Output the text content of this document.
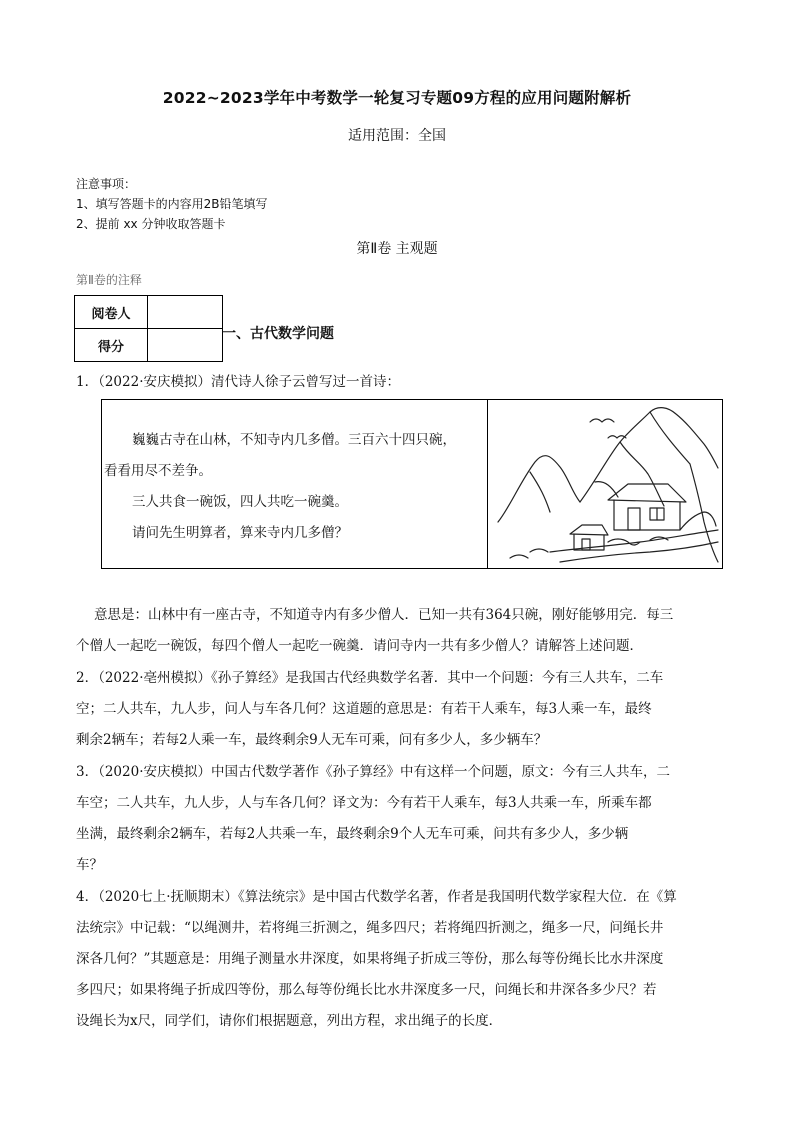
2022~2023学年中考数学一轮复习专题09方程的应用问题附解析
适用范围：全国
注意事项：
1、填写答题卡的内容用2B铅笔填写
2、提前 xx 分钟收取答题卡
第Ⅱ卷 主观题
第Ⅱ卷的注释
阅卷人	
得分	
一、古代数学问题
1．（2022·安庆模拟）清代诗人徐子云曾写过一首诗：
巍巍古寺在山林，不知寺内几多僧。三百六十四只碗，
看看用尽不差争。
三人共食一碗饭，四人共吃一碗羹。
请问先生明算者，算来寺内几多僧？
意思是：山林中有一座古寺，不知道寺内有多少僧人．已知一共有364只碗，刚好能够用完．每三
个僧人一起吃一碗饭，每四个僧人一起吃一碗羹．请问寺内一共有多少僧人？请解答上述问题．
2．（2022·亳州模拟）《孙子算经》是我国古代经典数学名著．其中一个问题：今有三人共车，二车
空；二人共车，九人步，问人与车各几何？这道题的意思是：有若干人乘车，每3人乘一车，最终
剩余2辆车；若每2人乘一车，最终剩余9人无车可乘，问有多少人，多少辆车？
3．（2020·安庆模拟）中国古代数学著作《孙子算经》中有这样一个问题，原文：今有三人共车，二
车空；二人共车，九人步，人与车各几何？译文为：今有若干人乘车，每3人共乘一车，所乘车都
坐满，最终剩余2辆车，若每2人共乘一车，最终剩余9个人无车可乘，问共有多少人，多少辆
车？
4．（2020七上·抚顺期末）《算法统宗》是中国古代数学名著，作者是我国明代数学家程大位．在《算
法统宗》中记载：“以绳测井，若将绳三折测之，绳多四尺；若将绳四折测之，绳多一尺，问绳长井
深各几何？”其题意是：用绳子测量水井深度，如果将绳子折成三等份，那么每等份绳长比水井深度
多四尺；如果将绳子折成四等份，那么每等份绳长比水井深度多一尺，问绳长和井深各多少尺？若
设绳长为x尺，同学们，请你们根据题意，列出方程，求出绳子的长度．
